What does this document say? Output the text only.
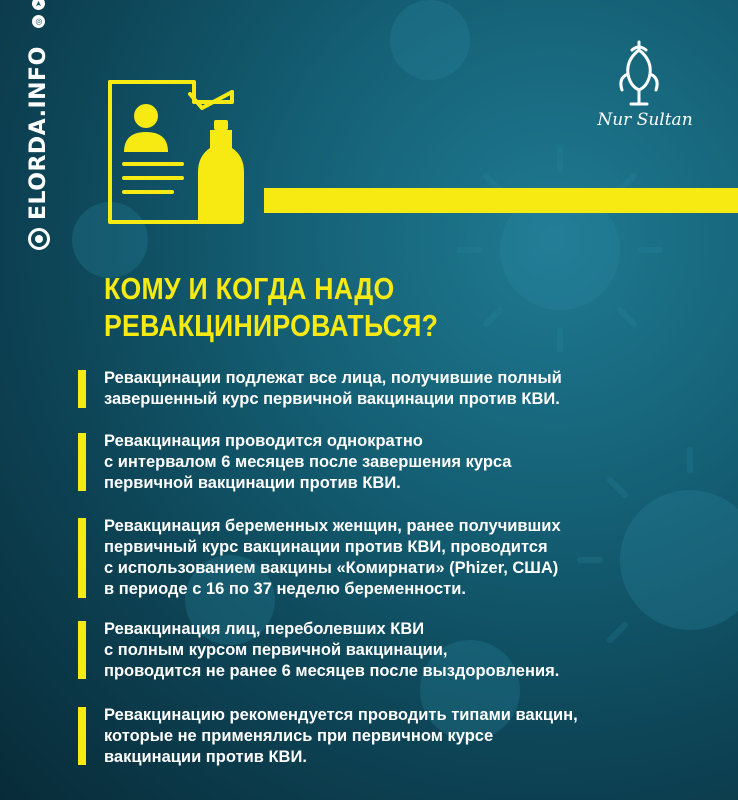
ELORDA.INFO
◎
➤
Nur Sultan
КОМУ И КОГДА НАДО
РЕВАКЦИНИРОВАТЬСЯ?
Ревакцинации подлежат все лица, получившие полный
завершенный курс первичной вакцинации против КВИ.
Ревакцинация проводится однократно
с интервалом 6 месяцев после завершения курса
первичной вакцинации против КВИ.
Ревакцинация беременных женщин, ранее получивших
первичный курс вакцинации против КВИ, проводится
с использованием вакцины «Комирнати» (Phizer, США)
в периоде с 16 по 37 неделю беременности.
Ревакцинация лиц, переболевших КВИ
с полным курсом первичной вакцинации,
проводится не ранее 6 месяцев после выздоровления.
Ревакцинацию рекомендуется проводить типами вакцин,
которые не применялись при первичном курсе
вакцинации против КВИ.
